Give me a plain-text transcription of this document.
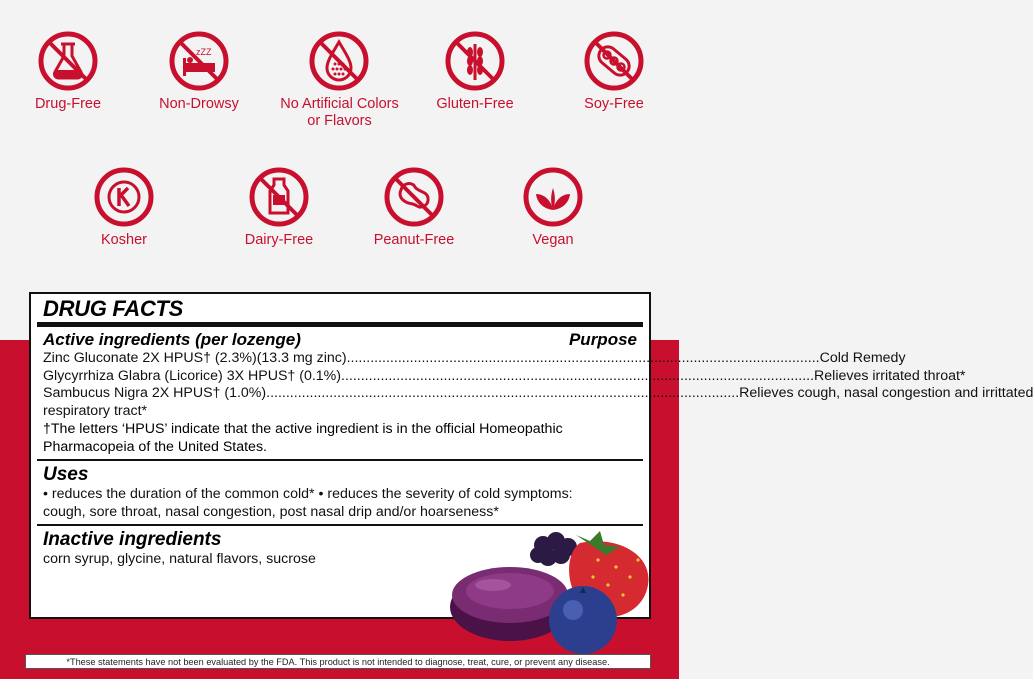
Drug-Free
zZZ
Non-Drowsy	No Artificial Colors or Flavors
Gluten-Free	Soy-Free
Kosher	Dairy-Free	Peanut-Free	Vegan
DRUG FACTS
Active ingredients (per lozenge)	Purpose
Zinc Gluconate 2X HPUS† (2.3%)(13.3 mg zinc) ........................................................................................................................ Cold Remedy
Glycyrrhiza Glabra (Licorice) 3X HPUS† (0.1%) ........................................................................................................................ Relieves irritated throat*
Sambucus Nigra 2X HPUS† (1.0%) ........................................................................................................................ Relieves cough, nasal congestion and irrittated
respiratory tract*
†The letters ‘HPUS’ indicate that the active ingredient is in the official Homeopathic Pharmacopeia of the United States.
Uses
• reduces the duration of the common cold* • reduces the severity of cold symptoms:
cough, sore throat, nasal congestion, post nasal drip and/or hoarseness*
Inactive ingredients
corn syrup, glycine, natural flavors, sucrose
*These statements have not been evaluated by the FDA. This product is not intended to diagnose, treat, cure, or prevent any disease.
